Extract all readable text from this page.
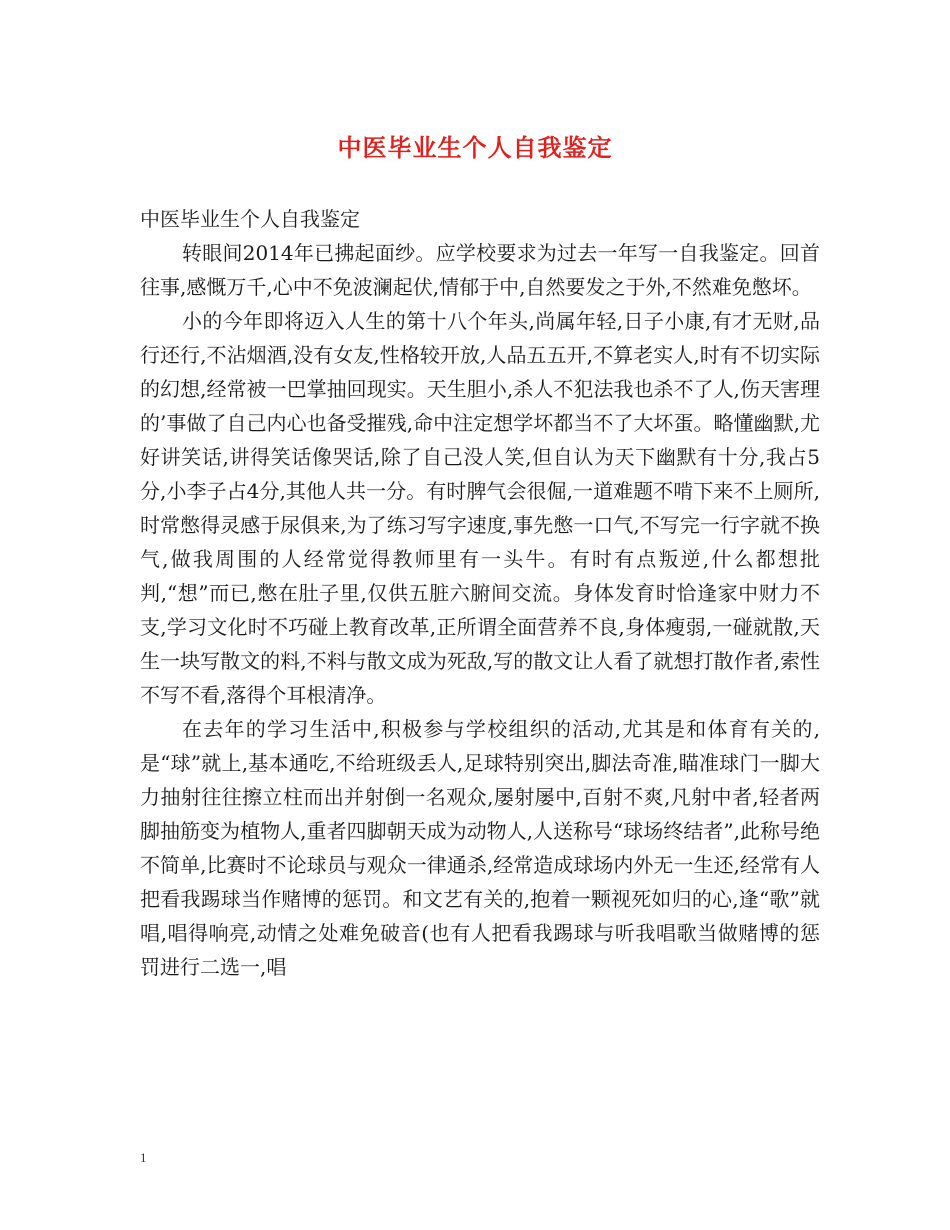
中医毕业生个人自我鉴定

中医毕业生个人自我鉴定

转眼间2014年已拂起面纱。应学校要求为过去一年写一自我鉴定。回首往事,感慨万千,心中不免波澜起伏,情郁于中,自然要发之于外,不然难免憋坏。

小的今年即将迈入人生的第十八个年头,尚属年轻,日子小康,有才无财,品行还行,不沾烟酒,没有女友,性格较开放,人品五五开,不算老实人,时有不切实际的幻想,经常被一巴掌抽回现实。天生胆小,杀人不犯法我也杀不了人,伤天害理的’事做了自己内心也备受摧残,命中注定想学坏都当不了大坏蛋。略懂幽默,尤好讲笑话,讲得笑话像哭话,除了自己没人笑,但自认为天下幽默有十分,我占5分,小李子占4分,其他人共一分。有时脾气会很倔,一道难题不啃下来不上厕所,时常憋得灵感于尿俱来,为了练习写字速度,事先憋一口气,不写完一行字就不换气,做我周围的人经常觉得教师里有一头牛。有时有点叛逆,什么都想批判,“想”而已,憋在肚子里,仅供五脏六腑间交流。身体发育时恰逢家中财力不支,学习文化时不巧碰上教育改革,正所谓全面营养不良,身体瘦弱,一碰就散,天生一块写散文的料,不料与散文成为死敌,写的散文让人看了就想打散作者,索性不写不看,落得个耳根清净。

在去年的学习生活中,积极参与学校组织的活动,尤其是和体育有关的,是“球”就上,基本通吃,不给班级丢人,足球特别突出,脚法奇准,瞄准球门一脚大力抽射往往擦立柱而出并射倒一名观众,屡射屡中,百射不爽,凡射中者,轻者两脚抽筋变为植物人,重者四脚朝天成为动物人,人送称号“球场终结者”,此称号绝不简单,比赛时不论球员与观众一律通杀,经常造成球场内外无一生还,经常有人把看我踢球当作赌博的惩罚。和文艺有关的,抱着一颗视死如归的心,逢“歌”就唱,唱得响亮,动情之处难免破音(也有人把看我踢球与听我唱歌当做赌博的惩罚进行二选一,唱

1
